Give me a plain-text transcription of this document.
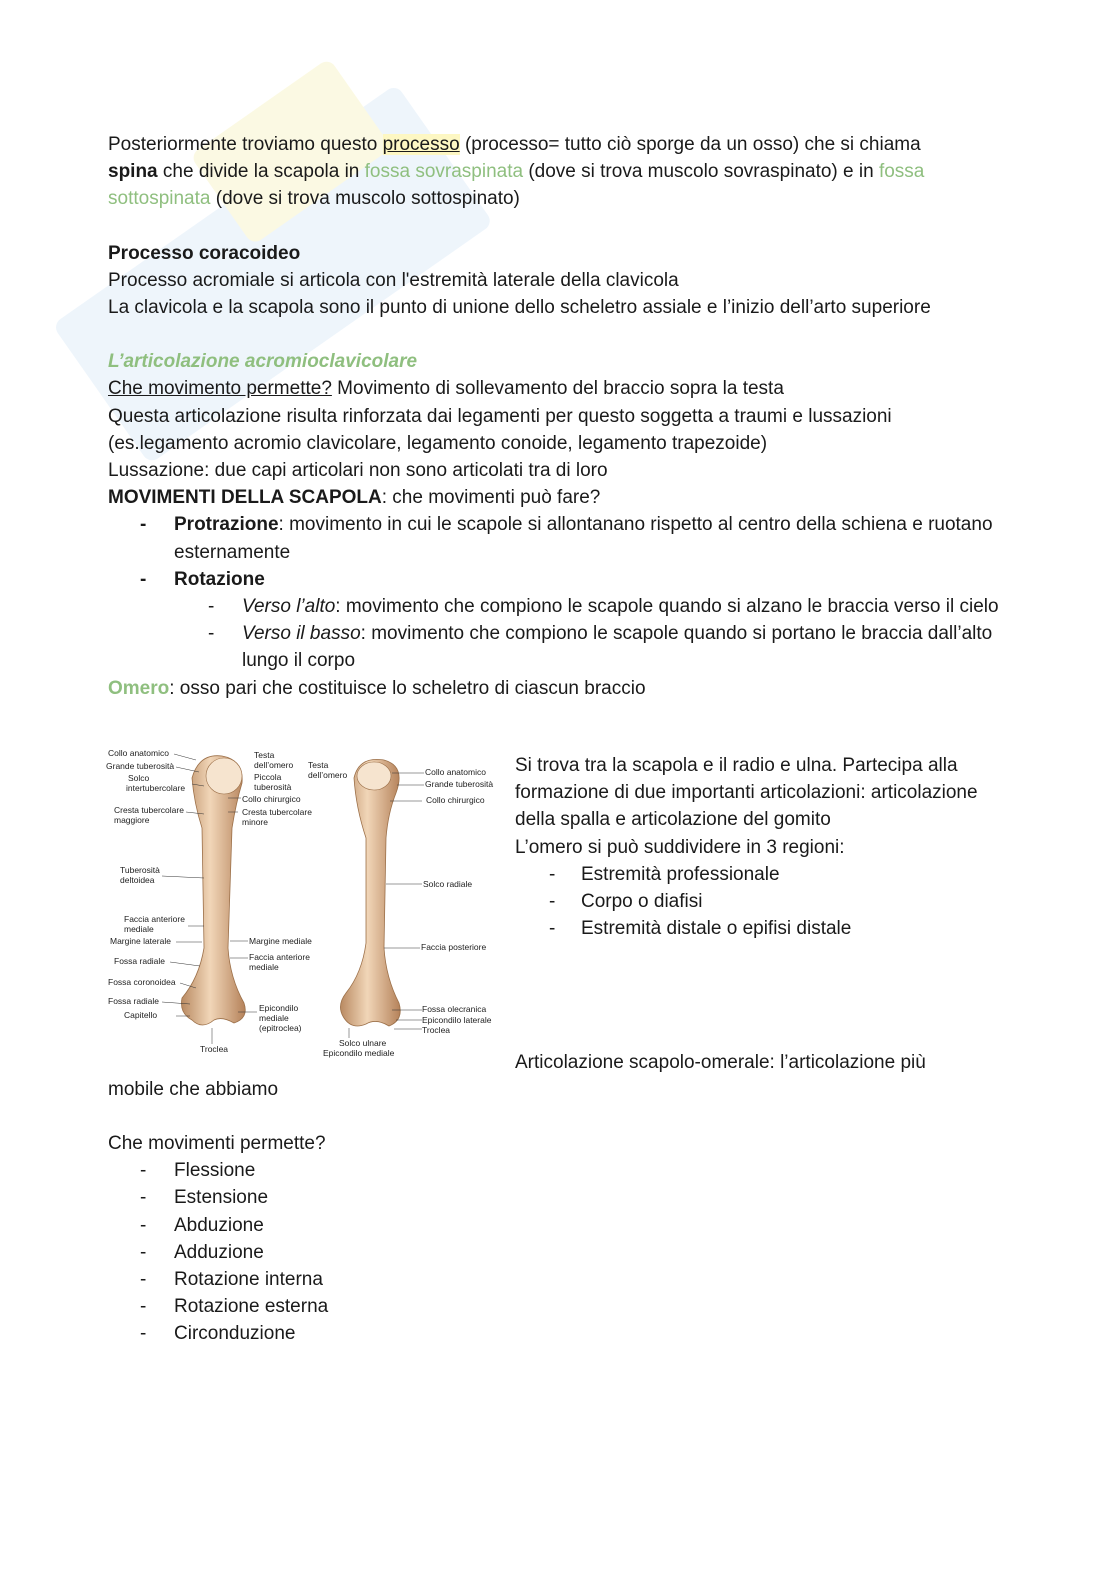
Posteriormente troviamo questo processo (processo= tutto ciò sporge da un osso) che si chiama
spina che divide la scapola in fossa sovraspinata (dove si trova muscolo sovraspinato) e in fossa
sottospinata (dove si trova muscolo sottospinato)

Processo coracoideo

Processo acromiale si articola con l'estremità laterale della clavicola

La clavicola e la scapola sono il punto di unione dello scheletro assiale e l’inizio dell’arto superiore

L’articolazione acromioclavicolare

Che movimento permette? Movimento di sollevamento del braccio sopra la testa

Questa articolazione risulta rinforzata dai legamenti per questo soggetta a traumi e lussazioni

(es.legamento acromio clavicolare, legamento conoide, legamento trapezoide)

Lussazione: due capi articolari non sono articolati tra di loro

MOVIMENTI DELLA SCAPOLA: che movimenti può fare?

- Protrazione: movimento in cui le scapole si allontanano rispetto al centro della schiena e ruotano esternamente
- Rotazione
- Verso l’alto: movimento che compiono le scapole quando si alzano le braccia verso il cielo
- Verso il basso: movimento che compiono le scapole quando si portano le braccia dall’alto lungo il corpo

Omero: osso pari che costituisce lo scheletro di ciascun braccio

Collo anatomico
Grande tuberosità
Solco
intertubercolare
Cresta tubercolare
maggiore
Tuberosità
deltoidea
Faccia anteriore
mediale
Margine laterale
Fossa radiale
Fossa coronoidea
Fossa radiale
Capitello
Troclea
Testa
dell’omero
Piccola
tuberosità
Collo chirurgico
Cresta tubercolare
minore
Margine mediale
Faccia anteriore
mediale
Epicondilo
mediale
(epitroclea)
Testa
dell’omero	Collo anatomico
Grande tuberosità
Collo chirurgico
Solco radiale
Faccia posteriore
Fossa olecranica
Epicondilo laterale
Troclea
Solco ulnare
Epicondilo mediale

Si trova tra la scapola e il radio e ulna. Partecipa alla formazione di due importanti articolazioni: articolazione della spalla e articolazione del gomito

L’omero si può suddividere in 3 regioni:

- Estremità professionale
- Corpo o diafisi
- Estremità distale o epifisi distale

Articolazione scapolo-omerale: l’articolazione più

mobile che abbiamo

Che movimenti permette?

- Flessione
- Estensione
- Abduzione
- Adduzione
- Rotazione interna
- Rotazione esterna
- Circonduzione
